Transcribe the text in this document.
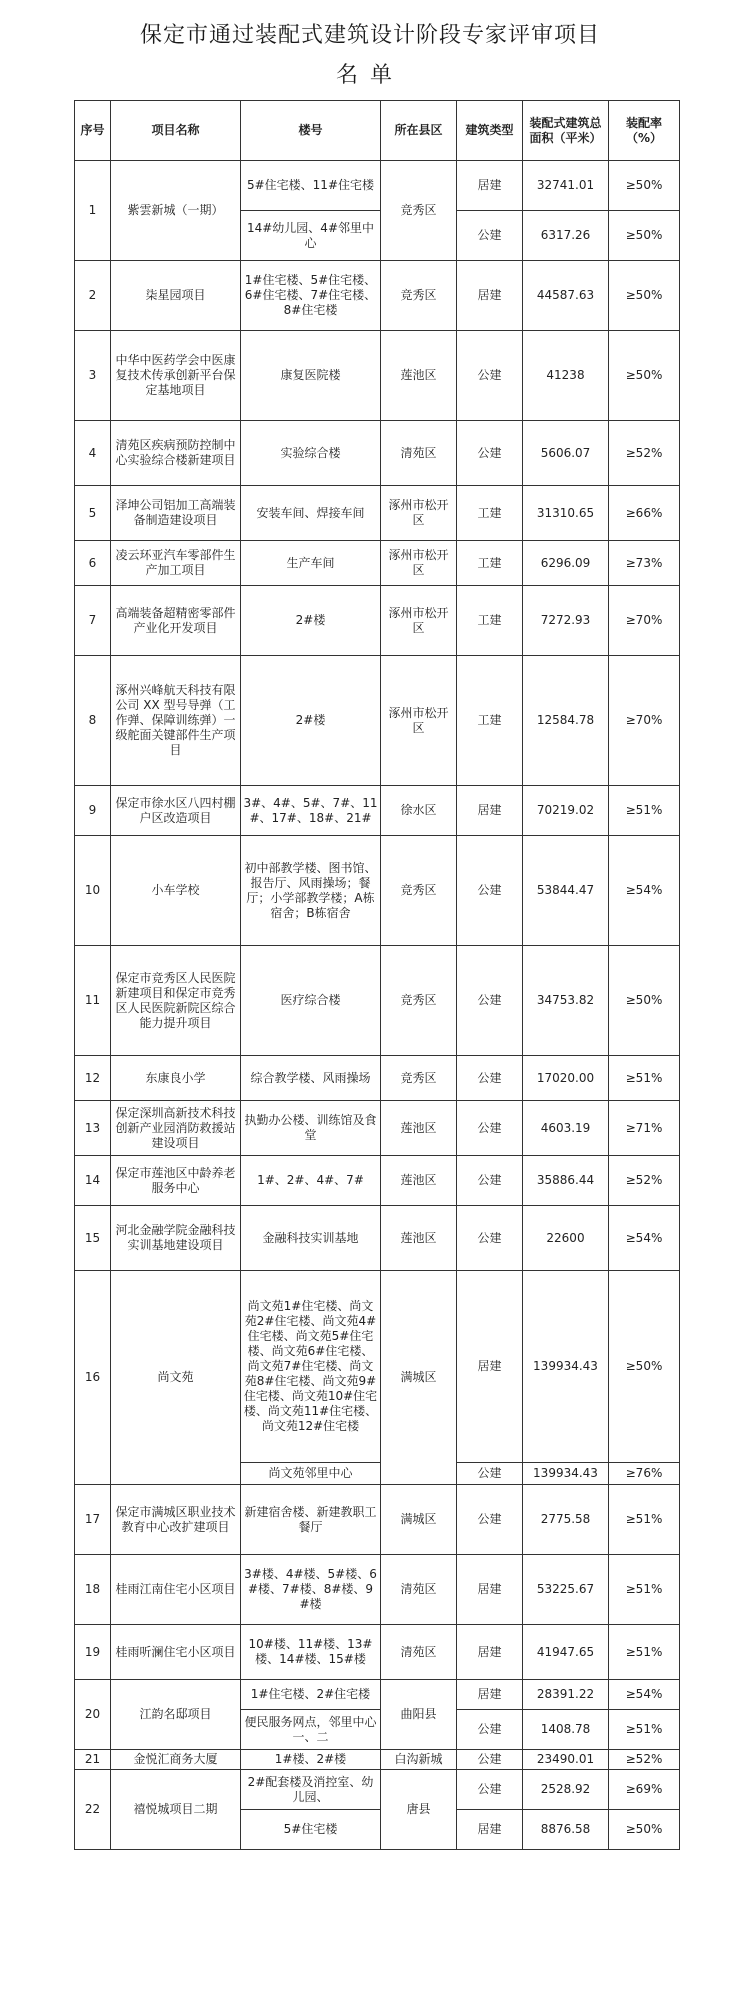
保定市通过装配式建筑设计阶段专家评审项目
名单
序号	项目名称	楼号	所在县区	建筑类型	装配式建筑总面积（平米）	装配率（%）
1	紫雲新城（一期）	5#住宅楼、11#住宅楼	竞秀区	居建	32741.01	≥50%
		14#幼儿园、4#邻里中心		公建	6317.26	≥50%
2	柒星园项目	1#住宅楼、5#住宅楼、6#住宅楼、7#住宅楼、8#住宅楼	竞秀区	居建	44587.63	≥50%
3	中华中医药学会中医康复技术传承创新平台保定基地项目	康复医院楼	莲池区	公建	41238	≥50%
4	清苑区疾病预防控制中心实验综合楼新建项目	实验综合楼	清苑区	公建	5606.07	≥52%
5	泽坤公司铝加工高端装备制造建设项目	安装车间、焊接车间	涿州市松开区	工建	31310.65	≥66%
6	凌云环亚汽车零部件生产加工项目	生产车间	涿州市松开区	工建	6296.09	≥73%
7	高端装备超精密零部件产业化开发项目	2#楼	涿州市松开区	工建	7272.93	≥70%
8	涿州兴峰航天科技有限公司 XX 型号导弹（工作弹、保障训练弹）一级舵面关键部件生产项目	2#楼	涿州市松开区	工建	12584.78	≥70%
9	保定市徐水区八四村棚户区改造项目	3#、4#、5#、7#、11#、17#、18#、21#	徐水区	居建	70219.02	≥51%
10	小车学校	初中部教学楼、图书馆、报告厅、风雨操场；餐厅；小学部教学楼；A栋宿舍；B栋宿舍	竞秀区	公建	53844.47	≥54%
11	保定市竞秀区人民医院新建项目和保定市竞秀区人民医院新院区综合能力提升项目	医疗综合楼	竞秀区	公建	34753.82	≥50%
12	东康良小学	综合教学楼、风雨操场	竞秀区	公建	17020.00	≥51%
13	保定深圳高新技术科技创新产业园消防救援站建设项目	执勤办公楼、训练馆及食堂	莲池区	公建	4603.19	≥71%
14	保定市莲池区中龄养老服务中心	1#、2#、4#、7#	莲池区	公建	35886.44	≥52%
15	河北金融学院金融科技实训基地建设项目	金融科技实训基地	莲池区	公建	22600	≥54%
16	尚文苑	尚文苑1#住宅楼、尚文苑2#住宅楼、尚文苑4#住宅楼、尚文苑5#住宅楼、尚文苑6#住宅楼、尚文苑7#住宅楼、尚文苑8#住宅楼、尚文苑9#住宅楼、尚文苑10#住宅楼、尚文苑11#住宅楼、尚文苑12#住宅楼	满城区	居建	139934.43	≥50%
		尚文苑邻里中心		公建	139934.43	≥76%
17	保定市满城区职业技术教育中心改扩建项目	新建宿舍楼、新建教职工餐厅	满城区	公建	2775.58	≥51%
18	桂雨江南住宅小区项目	3#楼、4#楼、5#楼、6#楼、7#楼、8#楼、9#楼	清苑区	居建	53225.67	≥51%
19	桂雨听澜住宅小区项目	10#楼、11#楼、13#楼、14#楼、15#楼	清苑区	居建	41947.65	≥51%
20	江韵名邸项目	1#住宅楼、2#住宅楼	曲阳县	居建	28391.22	≥54%
		便民服务网点，邻里中心一、二		公建	1408.78	≥51%
21	金悦汇商务大厦	1#楼、2#楼	白沟新城	公建	23490.01	≥52%
22	禧悦城项目二期	2#配套楼及消控室、幼儿园、	唐县	公建	2528.92	≥69%
		5#住宅楼		居建	8876.58	≥50%
